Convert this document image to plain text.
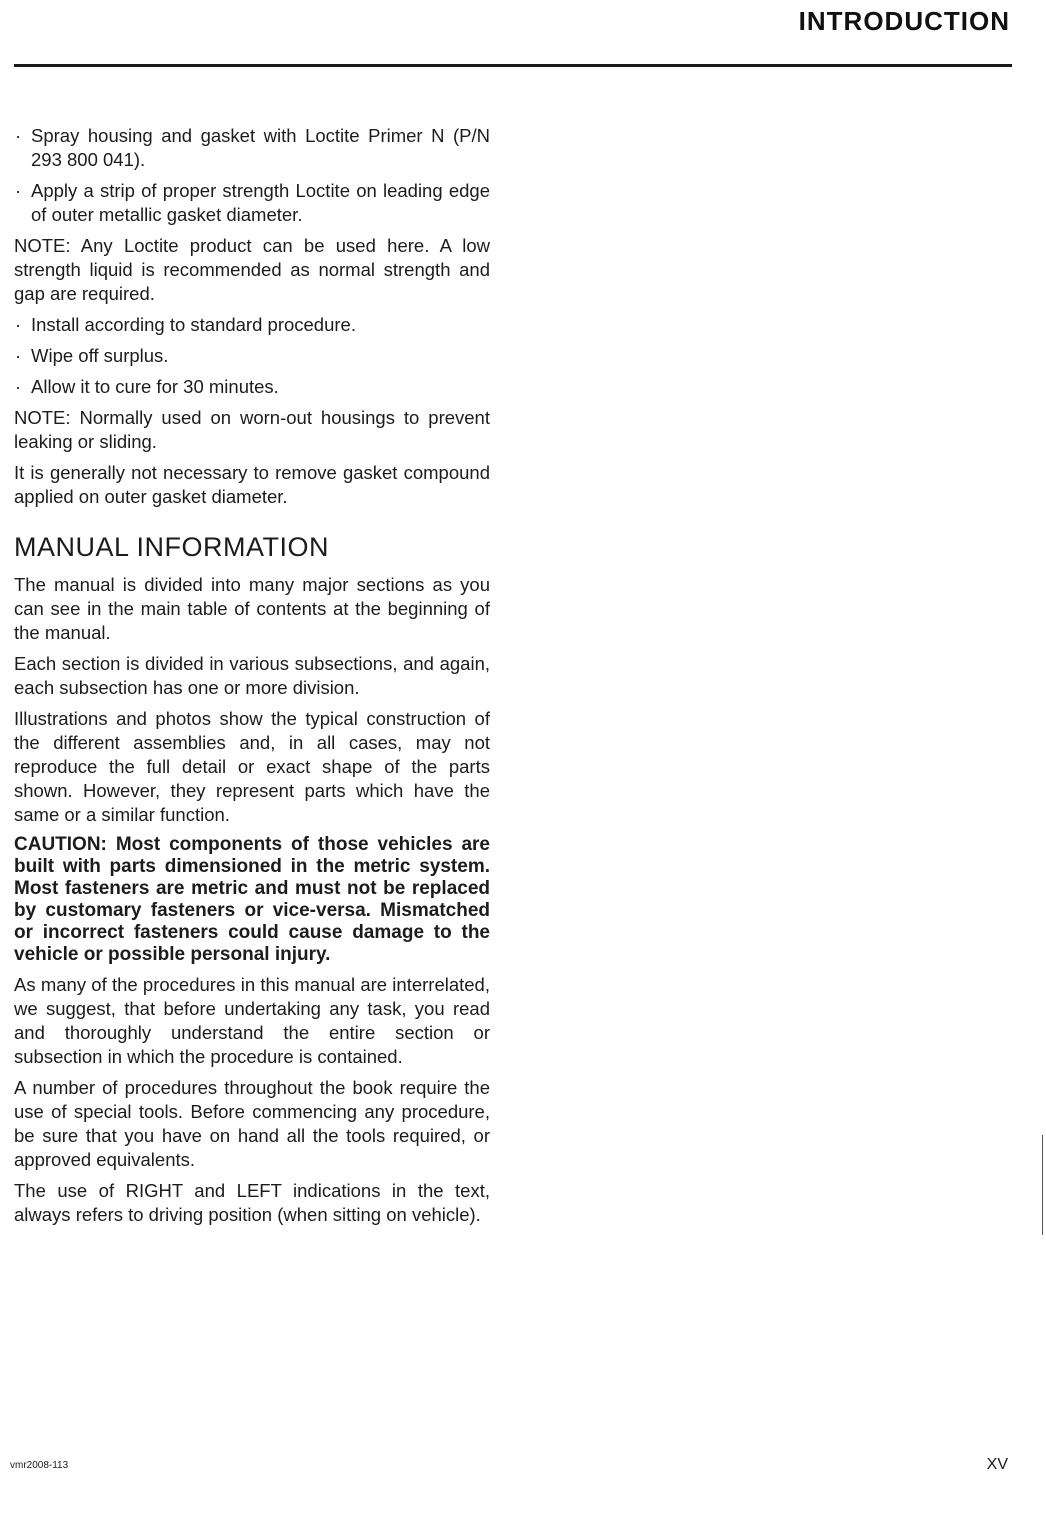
INTRODUCTION
· Spray housing and gasket with Loctite Primer N (P/N 293 800 041).
· Apply a strip of proper strength Loctite on leading edge of outer metallic gasket diameter.

NOTE: Any Loctite product can be used here. A low strength liquid is recommended as normal strength and gap are required.

· Install according to standard procedure.
· Wipe off surplus.
· Allow it to cure for 30 minutes.

NOTE: Normally used on worn-out housings to prevent leaking or sliding.

It is generally not necessary to remove gasket compound applied on outer gasket diameter.

MANUAL INFORMATION

The manual is divided into many major sections as you can see in the main table of contents at the beginning of the manual.

Each section is divided in various subsections, and again, each subsection has one or more division.

Illustrations and photos show the typical construction of the different assemblies and, in all cases, may not reproduce the full detail or exact shape of the parts shown. However, they represent parts which have the same or a similar function.

CAUTION: Most components of those vehicles are built with parts dimensioned in the metric system. Most fasteners are metric and must not be replaced by customary fasteners or vice-versa. Mismatched or incorrect fasteners could cause damage to the vehicle or possible personal injury.

As many of the procedures in this manual are interrelated, we suggest, that before undertaking any task, you read and thoroughly understand the entire section or subsection in which the procedure is contained.

A number of procedures throughout the book require the use of special tools. Before commencing any procedure, be sure that you have on hand all the tools required, or approved equivalents.

The use of RIGHT and LEFT indications in the text, always refers to driving position (when sitting on vehicle).

vmr2008-113	XV
